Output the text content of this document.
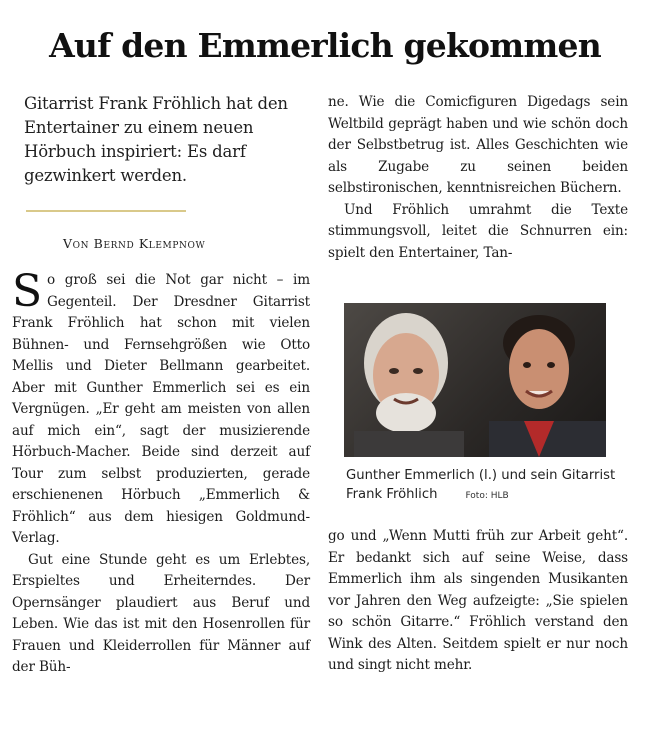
Auf den Emmerlich gekommen
Gitarrist Frank Fröhlich hat den Entertainer zu einem neuen Hörbuch inspiriert: Es darf gezwinkert werden.
Von Bernd Klempnow

So groß sei die Not gar nicht – im Gegenteil. Der Dresdner Gitarrist Frank Fröhlich hat schon mit vielen Bühnen- und Fernsehgrößen wie Otto Mellis und Dieter Bellmann gearbeitet. Aber mit Gunther Emmerlich sei es ein Vergnügen. „Er geht am meisten von allen auf mich ein“, sagt der musizierende Hörbuch-Macher. Beide sind derzeit auf Tour zum selbst produzierten, gerade erschienenen Hörbuch „Emmerlich & Fröhlich“ aus dem hiesigen Goldmund-Verlag.

Gut eine Stunde geht es um Erlebtes, Erspieltes und Erheiterndes. Der Opernsänger plaudiert aus Beruf und Leben. Wie das ist mit den Hosenrollen für Frauen und Kleiderrollen für Männer auf der Büh-

ne. Wie die Comicfiguren Digedags sein Weltbild geprägt haben und wie schön doch der Selbstbetrug ist. Alles Geschichten wie als Zugabe zu seinen beiden selbstironischen, kenntnisreichen Büchern.

Und Fröhlich umrahmt die Texte stimmungsvoll, leitet die Schnurren ein: spielt den Entertainer, Tan-

Gunther Emmerlich (l.) und sein Gitarrist Frank Fröhlich	Foto: HLB

go und „Wenn Mutti früh zur Arbeit geht“. Er bedankt sich auf seine Weise, dass Emmerlich ihm als singenden Musikanten vor Jahren den Weg aufzeigte: „Sie spielen so schön Gitarre.“ Fröhlich verstand den Wink des Alten. Seitdem spielt er nur noch und singt nicht mehr.
